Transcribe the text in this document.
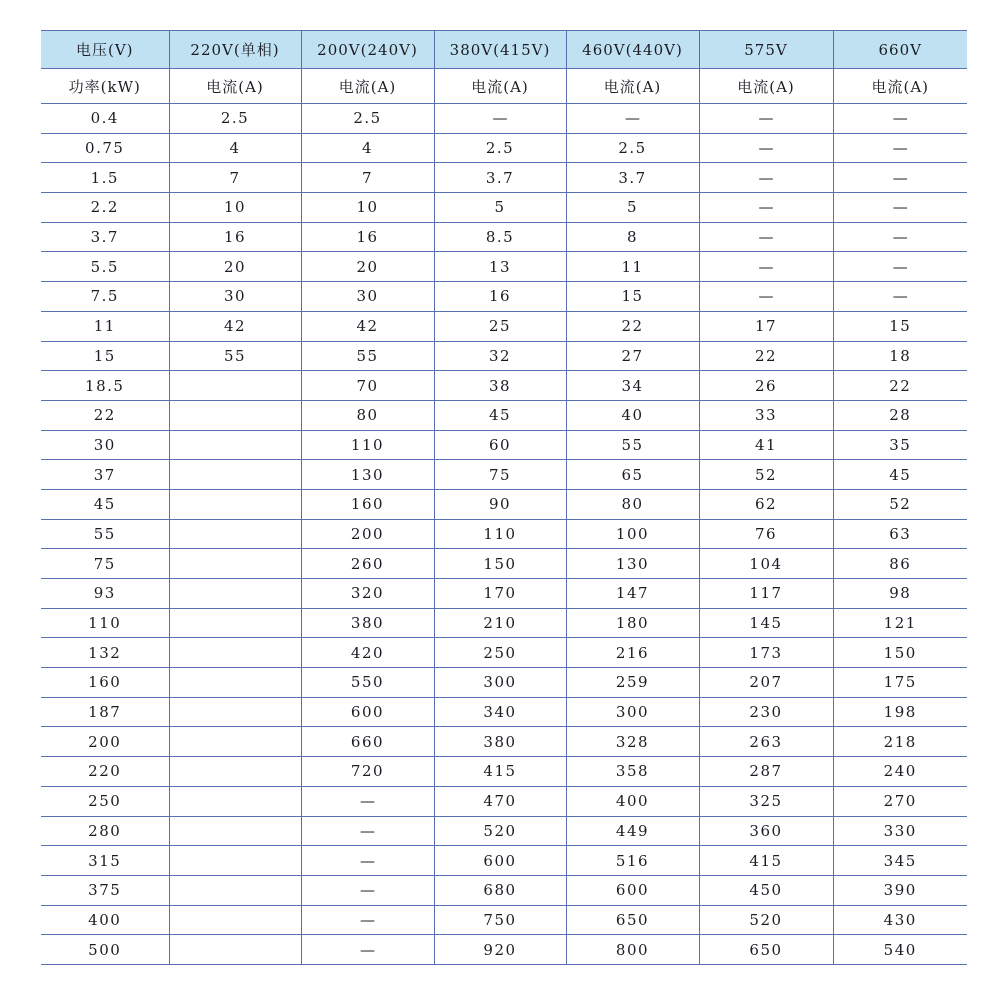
电压(V)	220V(单相)	200V(240V)	380V(415V)	460V(440V)	575V	660V
功率(kW)	电流(A)	电流(A)	电流(A)	电流(A)	电流(A)	电流(A)
0.4	2.5	2.5	—	—	—	—
0.75	4	4	2.5	2.5	—	—
1.5	7	7	3.7	3.7	—	—
2.2	10	10	5	5	—	—
3.7	16	16	8.5	8	—	—
5.5	20	20	13	11	—	—
7.5	30	30	16	15	—	—
11	42	42	25	22	17	15
15	55	55	32	27	22	18
18.5		70	38	34	26	22
22		80	45	40	33	28
30		110	60	55	41	35
37		130	75	65	52	45
45		160	90	80	62	52
55		200	110	100	76	63
75		260	150	130	104	86
93		320	170	147	117	98
110		380	210	180	145	121
132		420	250	216	173	150
160		550	300	259	207	175
187		600	340	300	230	198
200		660	380	328	263	218
220		720	415	358	287	240
250		—	470	400	325	270
280		—	520	449	360	330
315		—	600	516	415	345
375		—	680	600	450	390
400		—	750	650	520	430
500		—	920	800	650	540
